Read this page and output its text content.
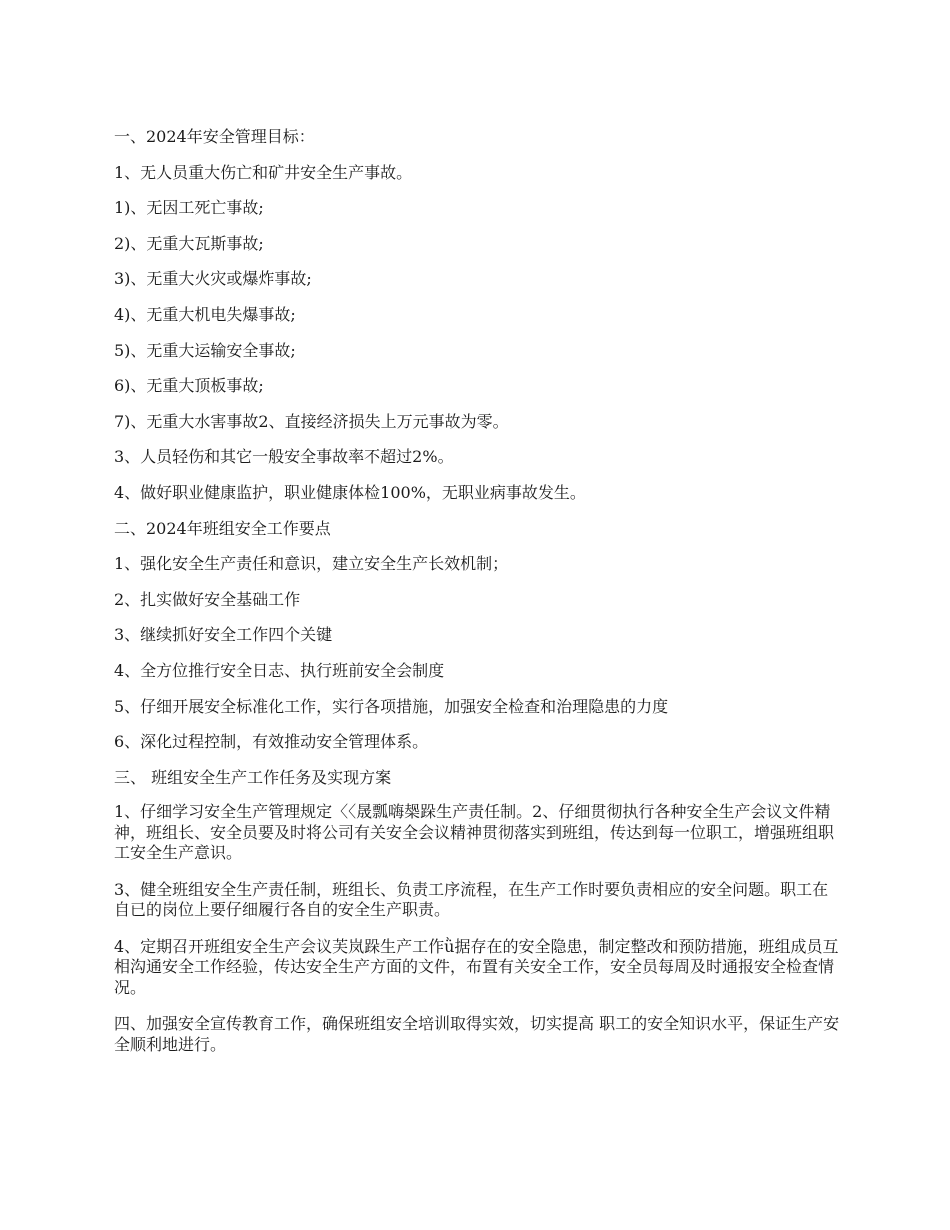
一、2024年安全管理目标：

1、无人员重大伤亡和矿井安全生产事故。

1)、无因工死亡事故;

2)、无重大瓦斯事故;

3)、无重大火灾或爆炸事故;

4)、无重大机电失爆事故;

5)、无重大运输安全事故;

6)、无重大顶板事故;

7)、无重大水害事故2、直接经济损失上万元事故为零。

3、人员轻伤和其它一般安全事故率不超过2%。

4、做好职业健康监护，职业健康体检100%，无职业病事故发生。

二、2024年班组安全工作要点

1、强化安全生产责任和意识，建立安全生产长效机制；

2、扎实做好安全基础工作

3、继续抓好安全工作四个关键

4、全方位推行安全日志、执行班前安全会制度

5、仔细开展安全标准化工作，实行各项措施，加强安全检查和治理隐患的力度

6、深化过程控制，有效推动安全管理体系。

三、 班组安全生产工作任务及实现方案

1、仔细学习安全生产管理规定〈〈晟瓢嗨椝跺生产责任制。2、仔细贯彻执行各种安全生产会议文件精神，班组长、安全员要及时将公司有关安全会议精神贯彻落实到班组，传达到每一位职工，增强班组职工安全生产意识。

3、健全班组安全生产责任制，班组长、负责工序流程，在生产工作时要负责相应的安全问题。职工在自已的岗位上要仔细履行各自的安全生产职责。

4、定期召开班组安全生产会议芙岚跺生产工作ǜ据存在的安全隐患，制定整改和预防措施，班组成员互相沟通安全工作经验，传达安全生产方面的文件，布置有关安全工作，安全员每周及时通报安全检查情况。

四、加强安全宣传教育工作，确保班组安全培训取得实效，切实提高 职工的安全知识水平，保证生产安全顺利地进行。
